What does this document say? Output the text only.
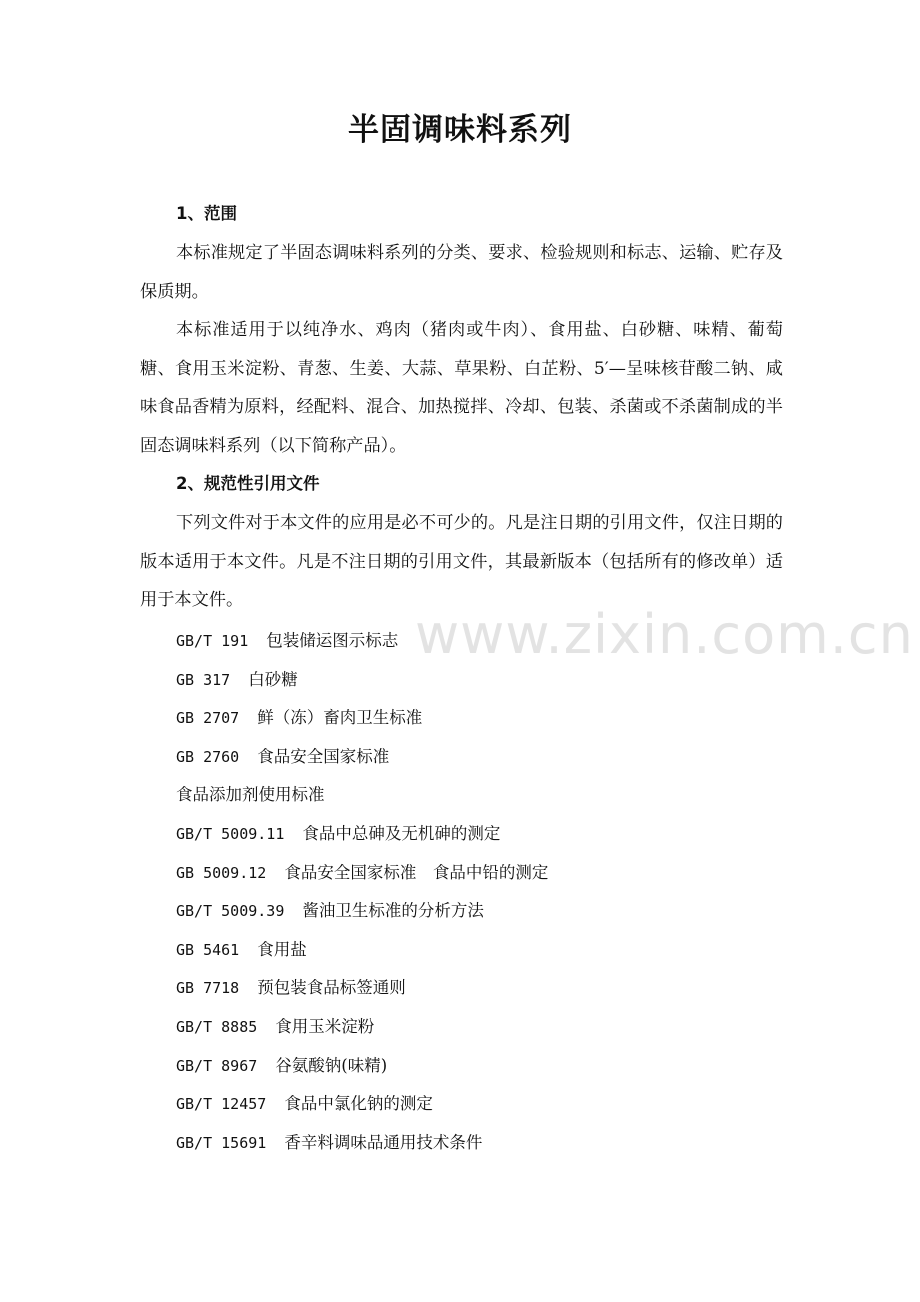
www.zixin.com.cn
半固调味料系列
1、范围
本标准规定了半固态调味料系列的分类、要求、检验规则和标志、运输、贮存及保质期。
本标准适用于以纯净水、鸡肉（猪肉或牛肉）、食用盐、白砂糖、味精、葡萄糖、食用玉米淀粉、青葱、生姜、大蒜、草果粉、白芷粉、5′—呈味核苷酸二钠、咸味食品香精为原料，经配料、混合、加热搅拌、冷却、包装、杀菌或不杀菌制成的半固态调味料系列（以下简称产品）。
2、规范性引用文件
下列文件对于本文件的应用是必不可少的。凡是注日期的引用文件，仅注日期的版本适用于本文件。凡是不注日期的引用文件，其最新版本（包括所有的修改单）适用于本文件。
GB/T 191 包装储运图示标志
GB 317 白砂糖
GB 2707 鲜（冻）畜肉卫生标准
GB 2760 食品安全国家标准
食品添加剂使用标准
GB/T 5009.11 食品中总砷及无机砷的测定
GB 5009.12 食品安全国家标准　食品中铅的测定
GB/T 5009.39 酱油卫生标准的分析方法
GB 5461 食用盐
GB 7718 预包装食品标签通则
GB/T 8885 食用玉米淀粉
GB/T 8967 谷氨酸钠(味精)
GB/T 12457 食品中氯化钠的测定
GB/T 15691 香辛料调味品通用技术条件
